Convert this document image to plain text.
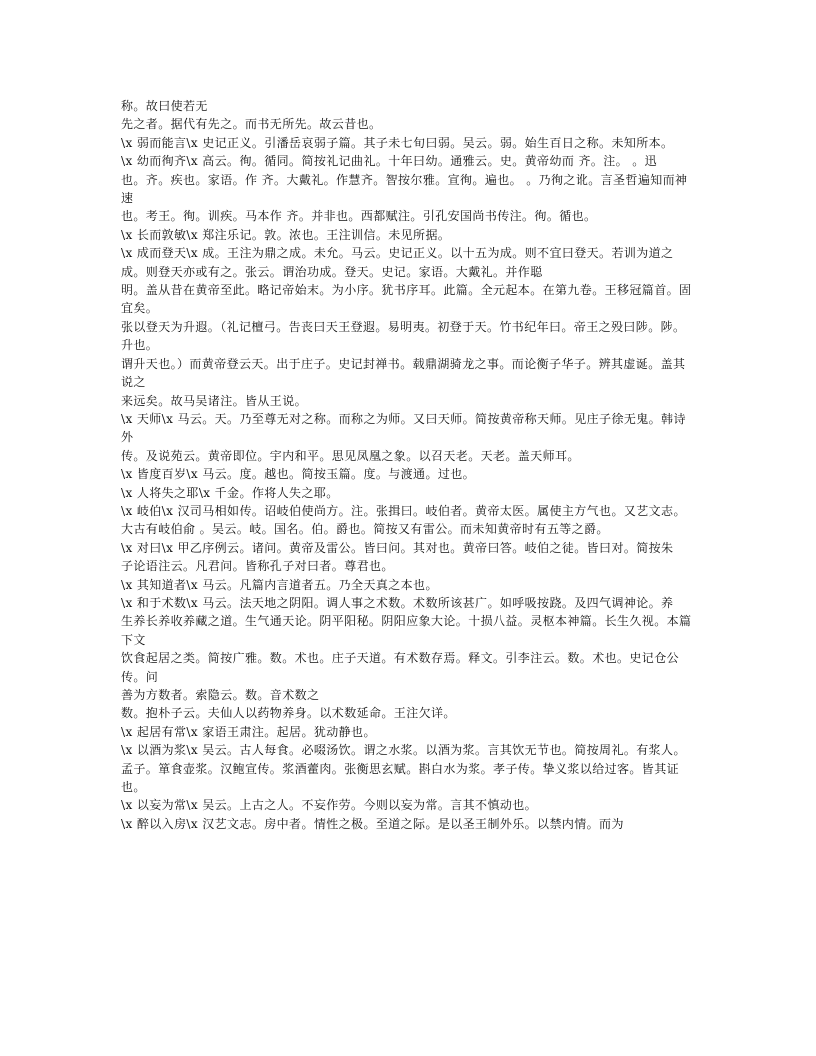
称。故曰使若无

先之者。据代有先之。而书无所先。故云昔也。

\x 弱而能言\x 史记正义。引潘岳哀弱子篇。其子未七旬曰弱。吴云。弱。始生百日之称。未知所本。

\x 幼而徇齐\x 高云。徇。循同。简按礼记曲礼。十年曰幼。通雅云。史。黄帝幼而 齐。注。 。迅

也。齐。疾也。家语。作 齐。大戴礼。作慧齐。智按尔雅。宣徇。遍也。 。乃徇之讹。言圣哲遍知而神速

也。考王。徇。训疾。马本作 齐。并非也。西都赋注。引孔安国尚书传注。徇。循也。

\x 长而敦敏\x 郑注乐记。敦。浓也。王注训信。未见所据。

\x 成而登天\x 成。王注为鼎之成。未允。马云。史记正义。以十五为成。则不宜曰登天。若训为道之

成。则登天亦或有之。张云。谓治功成。登天。史记。家语。大戴礼。并作聪

明。盖从昔在黄帝至此。略记帝始末。为小序。犹书序耳。此篇。全元起本。在第九卷。王移冠篇首。固宜矣。

张以登天为升遐。（礼记檀弓。告丧曰天王登遐。易明夷。初登于天。竹书纪年曰。帝王之殁曰陟。陟。升也。

谓升天也。）而黄帝登云天。出于庄子。史记封禅书。载鼎湖骑龙之事。而论衡子华子。辨其虚诞。盖其说之

来远矣。故马吴诸注。皆从王说。

\x 天师\x 马云。天。乃至尊无对之称。而称之为师。又曰天师。简按黄帝称天师。见庄子徐无鬼。韩诗外

传。及说苑云。黄帝即位。宇内和平。思见凤凰之象。以召天老。天老。盖天师耳。

\x 皆度百岁\x 马云。度。越也。简按玉篇。度。与渡通。过也。

\x 人将失之耶\x 千金。作将人失之耶。

\x 岐伯\x 汉司马相如传。诏岐伯使尚方。注。张揖曰。岐伯者。黄帝太医。属使主方气也。又艺文志。

大古有岐伯俞 。吴云。岐。国名。伯。爵也。简按又有雷公。而未知黄帝时有五等之爵。

\x 对曰\x 甲乙序例云。诸问。黄帝及雷公。皆曰问。其对也。黄帝曰答。岐伯之徒。皆曰对。简按朱

子论语注云。凡君问。皆称孔子对曰者。尊君也。

\x 其知道者\x 马云。凡篇内言道者五。乃全天真之本也。

\x 和于术数\x 马云。法天地之阴阳。调人事之术数。术数所该甚广。如呼吸按跷。及四气调神论。养

生养长养收养藏之道。生气通天论。阴平阳秘。阴阳应象大论。十损八益。灵枢本神篇。长生久视。本篇下文

饮食起居之类。简按广雅。数。术也。庄子天道。有术数存焉。释文。引李注云。数。术也。史记仓公传。问

善为方数者。索隐云。数。音术数之

数。抱朴子云。夫仙人以药物养身。以术数延命。王注欠详。

\x 起居有常\x 家语王肃注。起居。犹动静也。

\x 以酒为浆\x 吴云。古人每食。必啜汤饮。谓之水浆。以酒为浆。言其饮无节也。简按周礼。有浆人。

孟子。箪食壶浆。汉鲍宣传。浆酒藿肉。张衡思玄赋。斟白水为浆。孝子传。挚义浆以给过客。皆其证也。

\x 以妄为常\x 吴云。上古之人。不妄作劳。今则以妄为常。言其不慎动也。

\x 醉以入房\x 汉艺文志。房中者。情性之极。至道之际。是以圣王制外乐。以禁内情。而为
